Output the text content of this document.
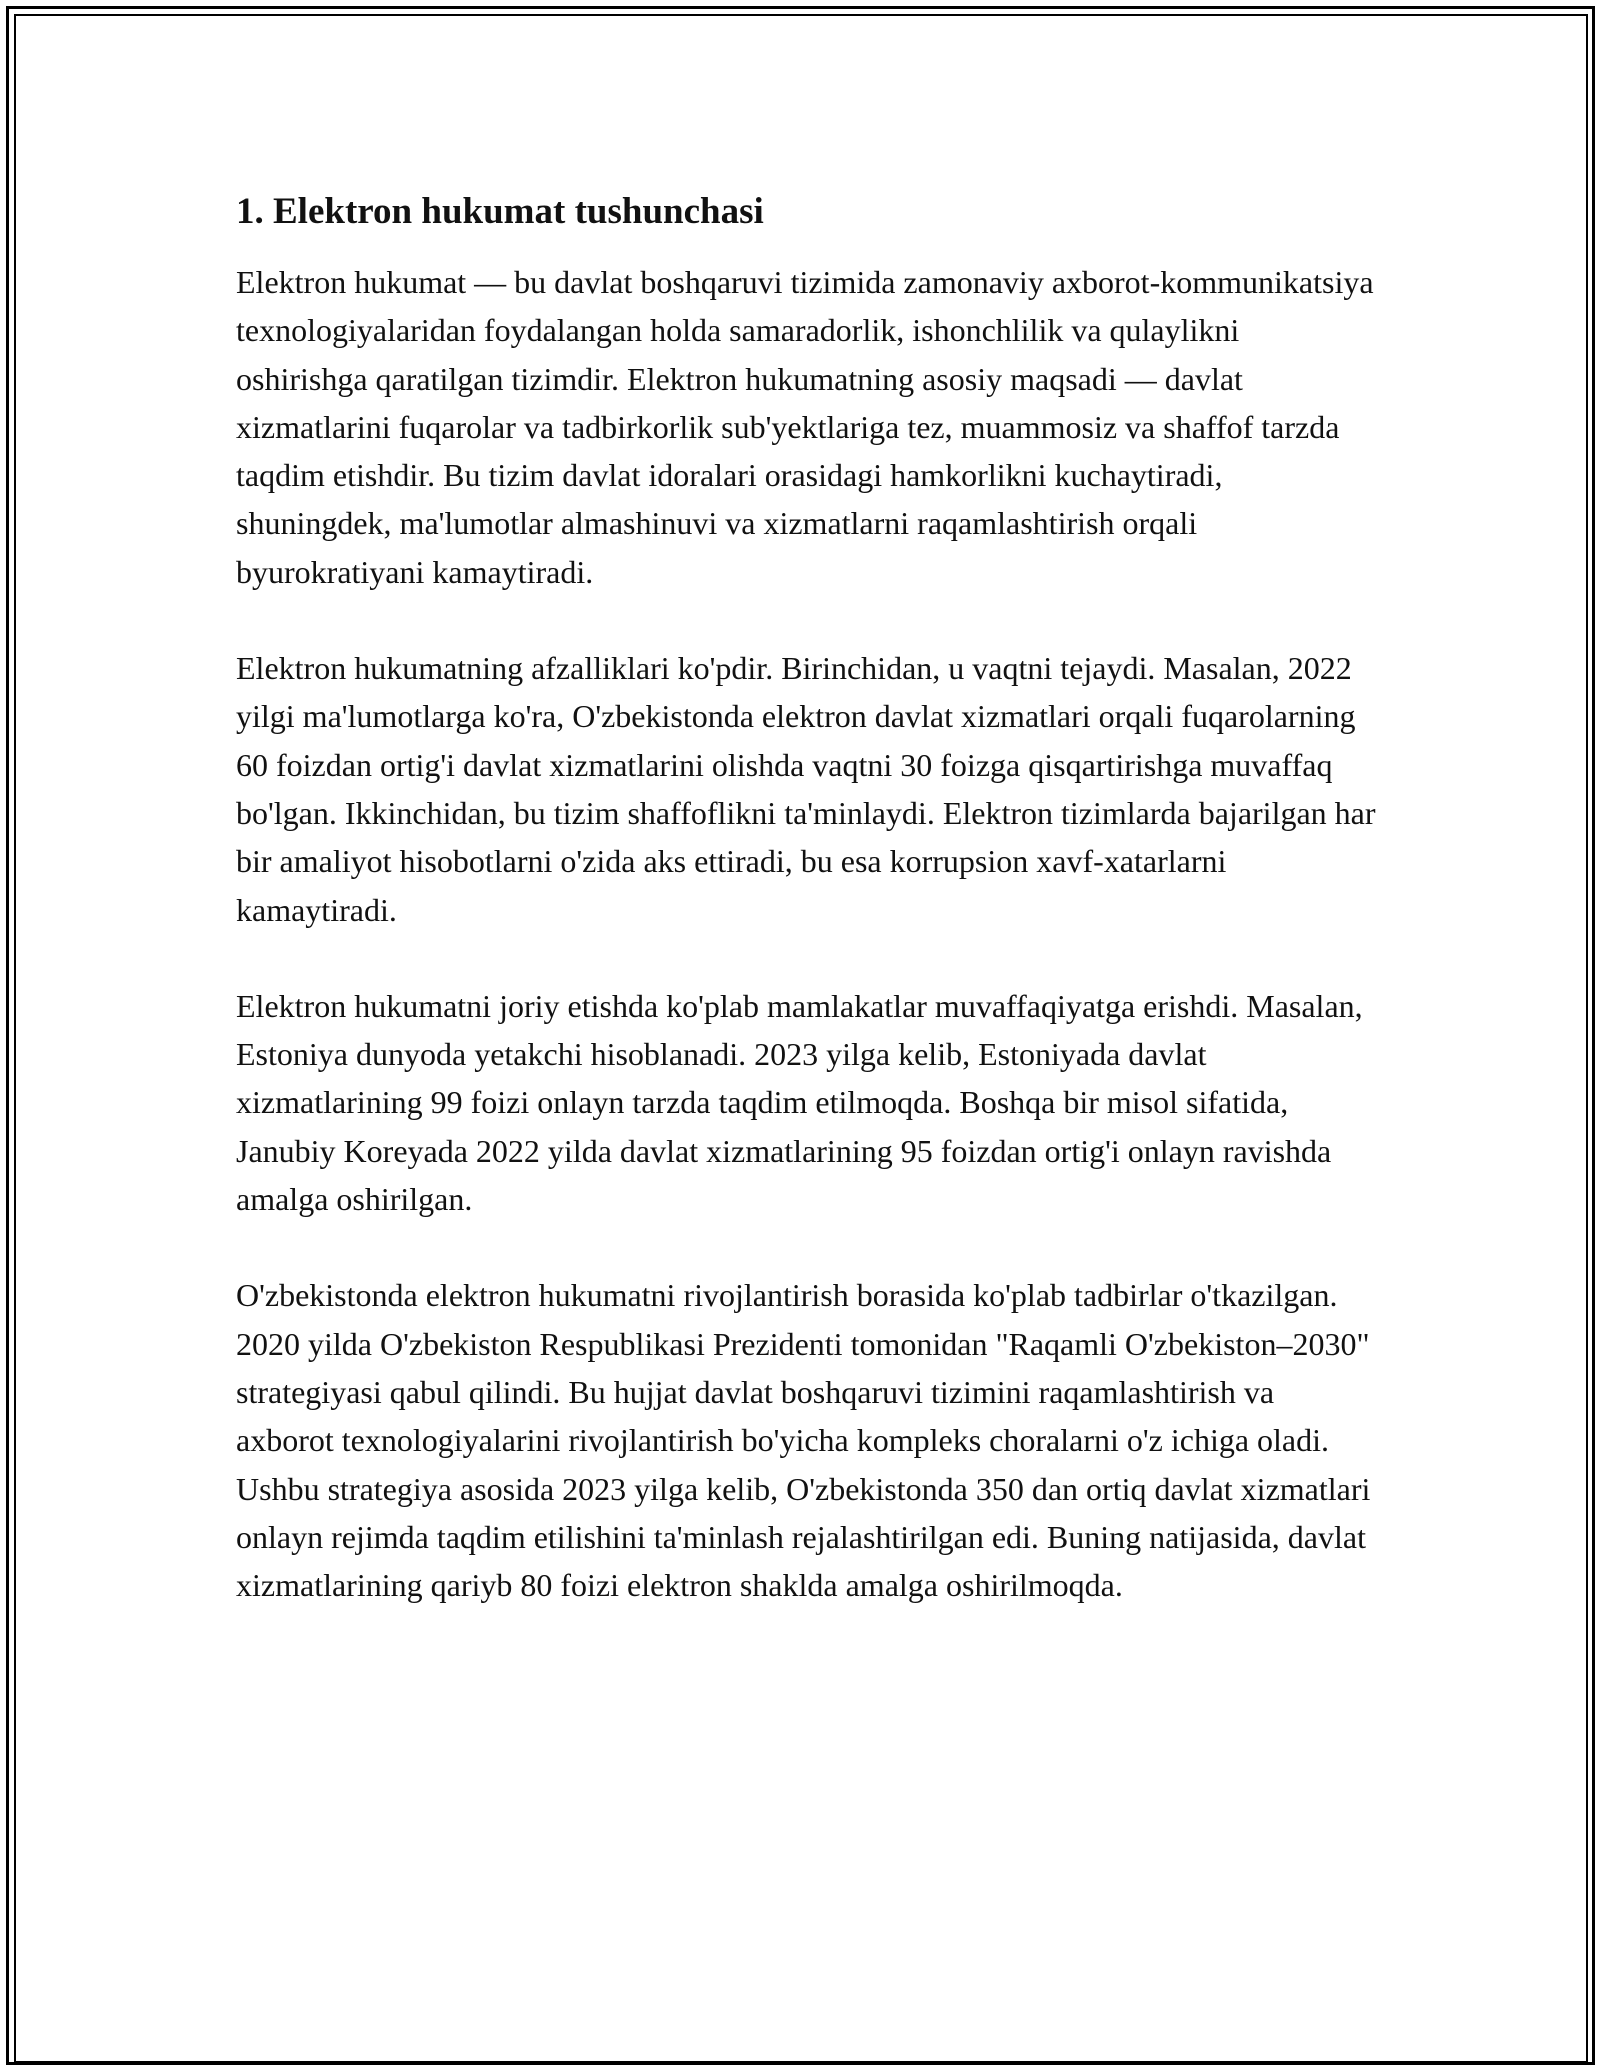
1. Elektron hukumat tushunchasi

Elektron hukumat — bu davlat boshqaruvi tizimida zamonaviy axborot-kommunikatsiya texnologiyalaridan foydalangan holda samaradorlik, ishonchlilik va qulaylikni oshirishga qaratilgan tizimdir. Elektron hukumatning asosiy maqsadi — davlat xizmatlarini fuqarolar va tadbirkorlik sub'yektlariga tez, muammosiz va shaffof tarzda taqdim etishdir. Bu tizim davlat idoralari orasidagi hamkorlikni kuchaytiradi, shuningdek, ma'lumotlar almashinuvi va xizmatlarni raqamlashtirish orqali byurokratiyani kamaytiradi.

Elektron hukumatning afzalliklari ko'pdir. Birinchidan, u vaqtni tejaydi. Masalan, 2022 yilgi ma'lumotlarga ko'ra, O'zbekistonda elektron davlat xizmatlari orqali fuqarolarning 60 foizdan ortig'i davlat xizmatlarini olishda vaqtni 30 foizga qisqartirishga muvaffaq bo'lgan. Ikkinchidan, bu tizim shaffoflikni ta'minlaydi. Elektron tizimlarda bajarilgan har bir amaliyot hisobotlarni o'zida aks ettiradi, bu esa korrupsion xavf-xatarlarni kamaytiradi.

Elektron hukumatni joriy etishda ko'plab mamlakatlar muvaffaqiyatga erishdi. Masalan, Estoniya dunyoda yetakchi hisoblanadi. 2023 yilga kelib, Estoniyada davlat xizmatlarining 99 foizi onlayn tarzda taqdim etilmoqda. Boshqa bir misol sifatida, Janubiy Koreyada 2022 yilda davlat xizmatlarining 95 foizdan ortig'i onlayn ravishda amalga oshirilgan.

O'zbekistonda elektron hukumatni rivojlantirish borasida ko'plab tadbirlar o'tkazilgan. 2020 yilda O'zbekiston Respublikasi Prezidenti tomonidan "Raqamli O'zbekiston–2030" strategiyasi qabul qilindi. Bu hujjat davlat boshqaruvi tizimini raqamlashtirish va axborot texnologiyalarini rivojlantirish bo'yicha kompleks choralarni o'z ichiga oladi. Ushbu strategiya asosida 2023 yilga kelib, O'zbekistonda 350 dan ortiq davlat xizmatlari onlayn rejimda taqdim etilishini ta'minlash rejalashtirilgan edi. Buning natijasida, davlat xizmatlarining qariyb 80 foizi elektron shaklda amalga oshirilmoqda.
